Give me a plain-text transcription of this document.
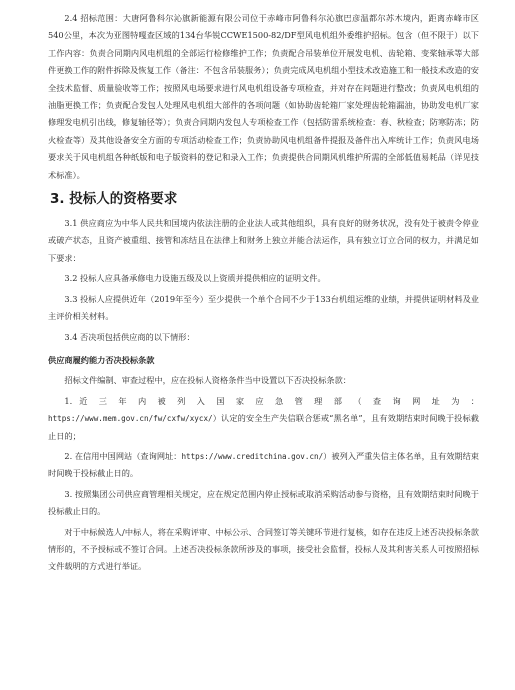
2.4 招标范围：大唐阿鲁科尔沁旗新能源有限公司位于赤峰市阿鲁科尔沁旗巴彦温都尔苏木境内，距离赤峰市区540公里，本次为亚图特嘎查区域的134台华锐CCWE1500-82/DF型风电机组外委维护招标。包含（但不限于）以下工作内容：负责合同期内风电机组的全部运行检修维护工作；负责配合吊装单位开展发电机、齿轮箱、变桨轴承等大部件更换工作的附件拆除及恢复工作（备注：不包含吊装服务）；负责完成风电机组小型技术改造施工和一般技术改造的安全技术监督、质量验收等工作；按照风电场要求进行风电机组设备专项检查，并对存在问题进行整改；负责风电机组的油脂更换工作；负责配合发包人处理风电机组大部件的各项问题（如协助齿轮箱厂家处理齿轮箱漏油，协助发电机厂家修理发电机引出线，修复轴径等）；负责合同期内发包人专项检查工作（包括防雷系统检查：春、秋检查；防寒防冻；防火检查等）及其他设备安全方面的专项活动检查工作；负责协助风电机组备件提报及备件出入库统计工作；负责风电场要求关于风电机组各种纸版和电子版资料的登记和录入工作；负责提供合同期风机维护所需的全部低值易耗品（详见技术标准）。

3. 投标人的资格要求

3.1 供应商应为中华人民共和国境内依法注册的企业法人或其他组织，具有良好的财务状况，没有处于被责令停业或破产状态，且资产被重组、接管和冻结且在法律上和财务上独立并能合法运作，具有独立订立合同的权力，并满足如下要求：

3.2 投标人应具备承修电力设施五级及以上资质并提供相应的证明文件。

3.3 投标人应提供近年（2019年至今）至少提供一个单个合同不少于133台机组运维的业绩，并提供证明材料及业主评价相关材料。

3.4 否决项包括供应商的以下情形：

供应商履约能力否决投标条款

招标文件编制、审查过程中，应在投标人资格条件当中设置以下否决投标条款：

1. 近 三 年 内 被 列 入 国 家 应 急 管 理 部 （ 查 询 网 址 为 ：

https://www.mem.gov.cn/fw/cxfw/xycx/）认定的安全生产失信联合惩戒“黑名单”，且有效期结束时间晚于投标截止日的；

2. 在信用中国网站（查询网址：https://www.creditchina.gov.cn/）被列入严重失信主体名单，且有效期结束时间晚于投标截止日的。

3. 按照集团公司供应商管理相关规定，应在规定范围内停止授标或取消采购活动参与资格，且有效期结束时间晚于投标截止日的。

对于中标候选人/中标人，将在采购评审、中标公示、合同签订等关键环节进行复核，如存在违反上述否决投标条款情形的，不予授标或不签订合同。上述否决投标条款所涉及的事项，接受社会监督，投标人及其利害关系人可按照招标文件载明的方式进行举证。
